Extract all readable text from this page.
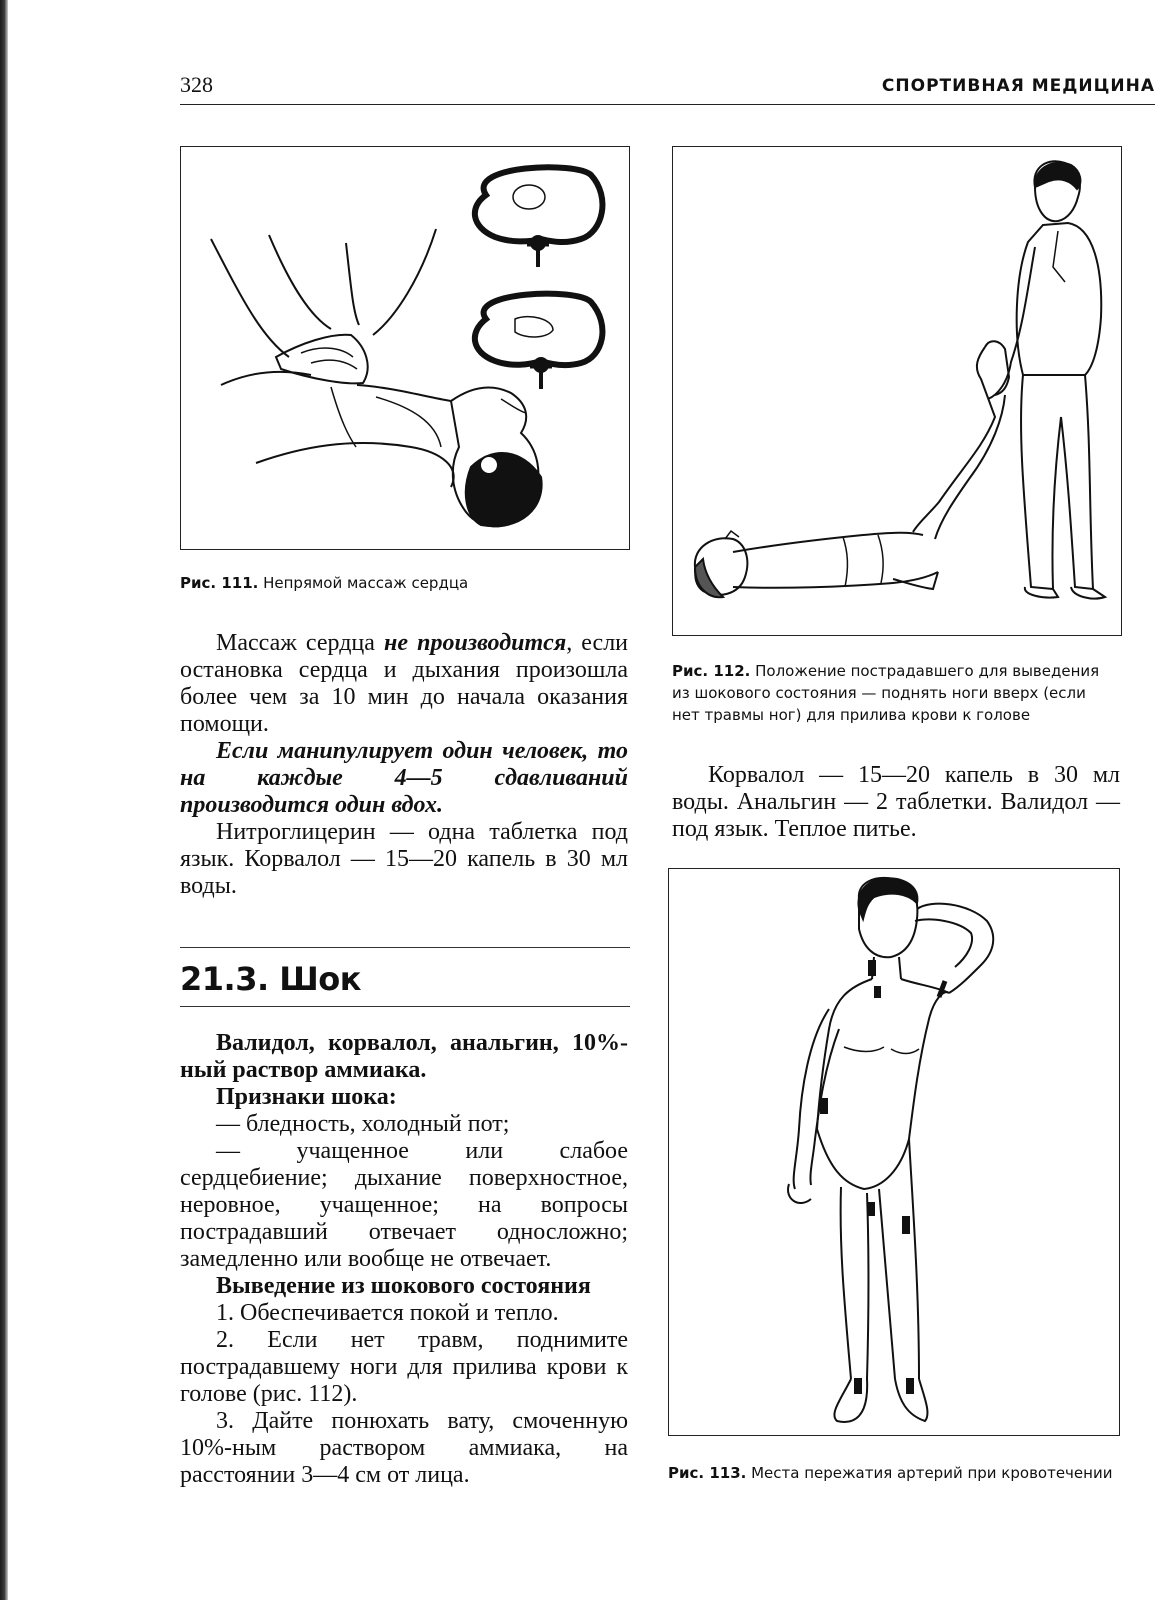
328	СПОРТИВНАЯ МЕДИЦИНА
Рис. 111. Непрямой массаж сердца
Рис. 112. Положение пострадавшего для выведения
из шокового состояния — поднять ноги вверх (если
нет травмы ног) для прилива крови к голове

Массаж сердца не производится, если остановка сердца и дыхания произошла более чем за 10 мин до начала оказания помощи.

Если манипулирует один человек, то на каждые 4—5 сдавливаний производится один вдох.

Нитроглицерин — одна таблетка под язык. Корвалол — 15—20 капель в 30 мл воды.

21.3. Шок

Валидол, корвалол, анальгин, 10%-ный раствор аммиака.

Признаки шока:

— бледность, холодный пот;

— учащенное или слабое сердцебиение; дыхание поверхностное, неровное, учащенное; на вопросы пострадавший отвечает односложно; замедленно или вообще не отвечает.

Выведение из шокового состояния

1. Обеспечивается покой и тепло.

2. Если нет травм, поднимите пострадавшему ноги для прилива крови к голове (рис. 112).

3. Дайте понюхать вату, смоченную 10%-ным раствором аммиака, на расстоянии 3—4 см от лица.

Корвалол — 15—20 капель в 30 мл воды. Анальгин — 2 таблетки. Валидол — под язык. Теплое питье.

Рис. 113. Места пережатия артерий при кровотечении
